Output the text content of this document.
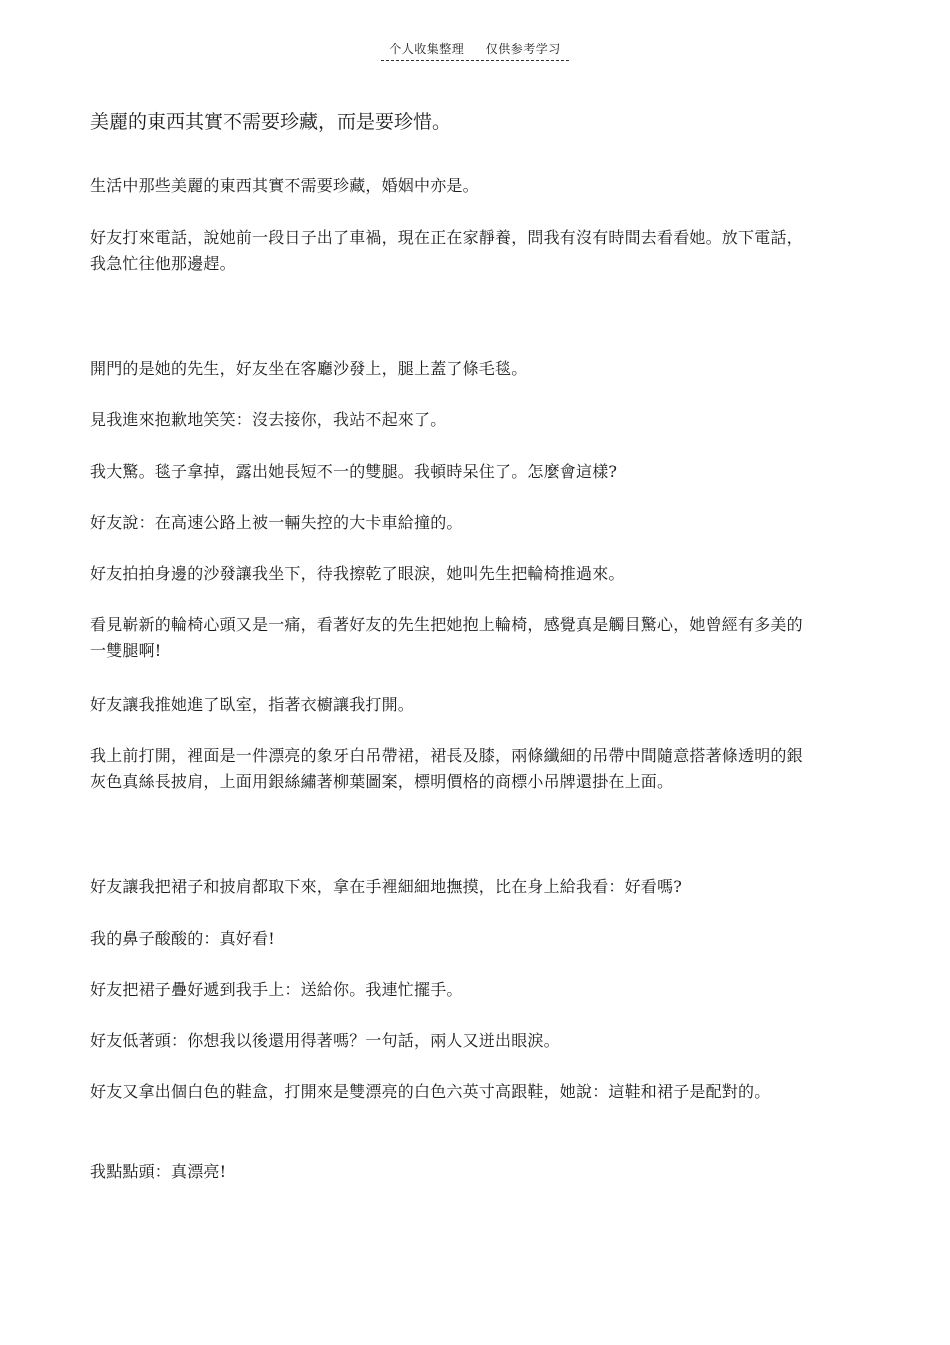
个人收集整理     仅供参考学习
美麗的東西其實不需要珍藏，而是要珍惜。

生活中那些美麗的東西其實不需要珍藏，婚姻中亦是。

好友打來電話，說她前一段日子出了車禍，現在正在家靜養，問我有沒有時間去看看她。放下電話，我急忙往他那邊趕。

開門的是她的先生，好友坐在客廳沙發上，腿上蓋了條毛毯。

見我進來抱歉地笑笑：沒去接你，我站不起來了。

我大驚。毯子拿掉，露出她長短不一的雙腿。我頓時呆住了。怎麼會這樣?

好友說：在高速公路上被一輛失控的大卡車給撞的。

好友拍拍身邊的沙發讓我坐下，待我擦乾了眼淚，她叫先生把輪椅推過來。

看見嶄新的輪椅心頭又是一痛，看著好友的先生把她抱上輪椅，感覺真是觸目驚心，她曾經有多美的一雙腿啊!

好友讓我推她進了臥室，指著衣櫥讓我打開。

我上前打開，裡面是一件漂亮的象牙白吊帶裙，裙長及膝，兩條纖細的吊帶中間隨意搭著條透明的銀灰色真絲長披肩，上面用銀絲繡著柳葉圖案，標明價格的商標小吊牌還掛在上面。

好友讓我把裙子和披肩都取下來，拿在手裡細細地撫摸，比在身上給我看：好看嗎?

我的鼻子酸酸的：真好看!

好友把裙子疊好遞到我手上：送給你。我連忙擺手。

好友低著頭：你想我以後還用得著嗎？一句話，兩人又迸出眼淚。

好友又拿出個白色的鞋盒，打開來是雙漂亮的白色六英寸高跟鞋，她說：這鞋和裙子是配對的。

我點點頭：真漂亮!
